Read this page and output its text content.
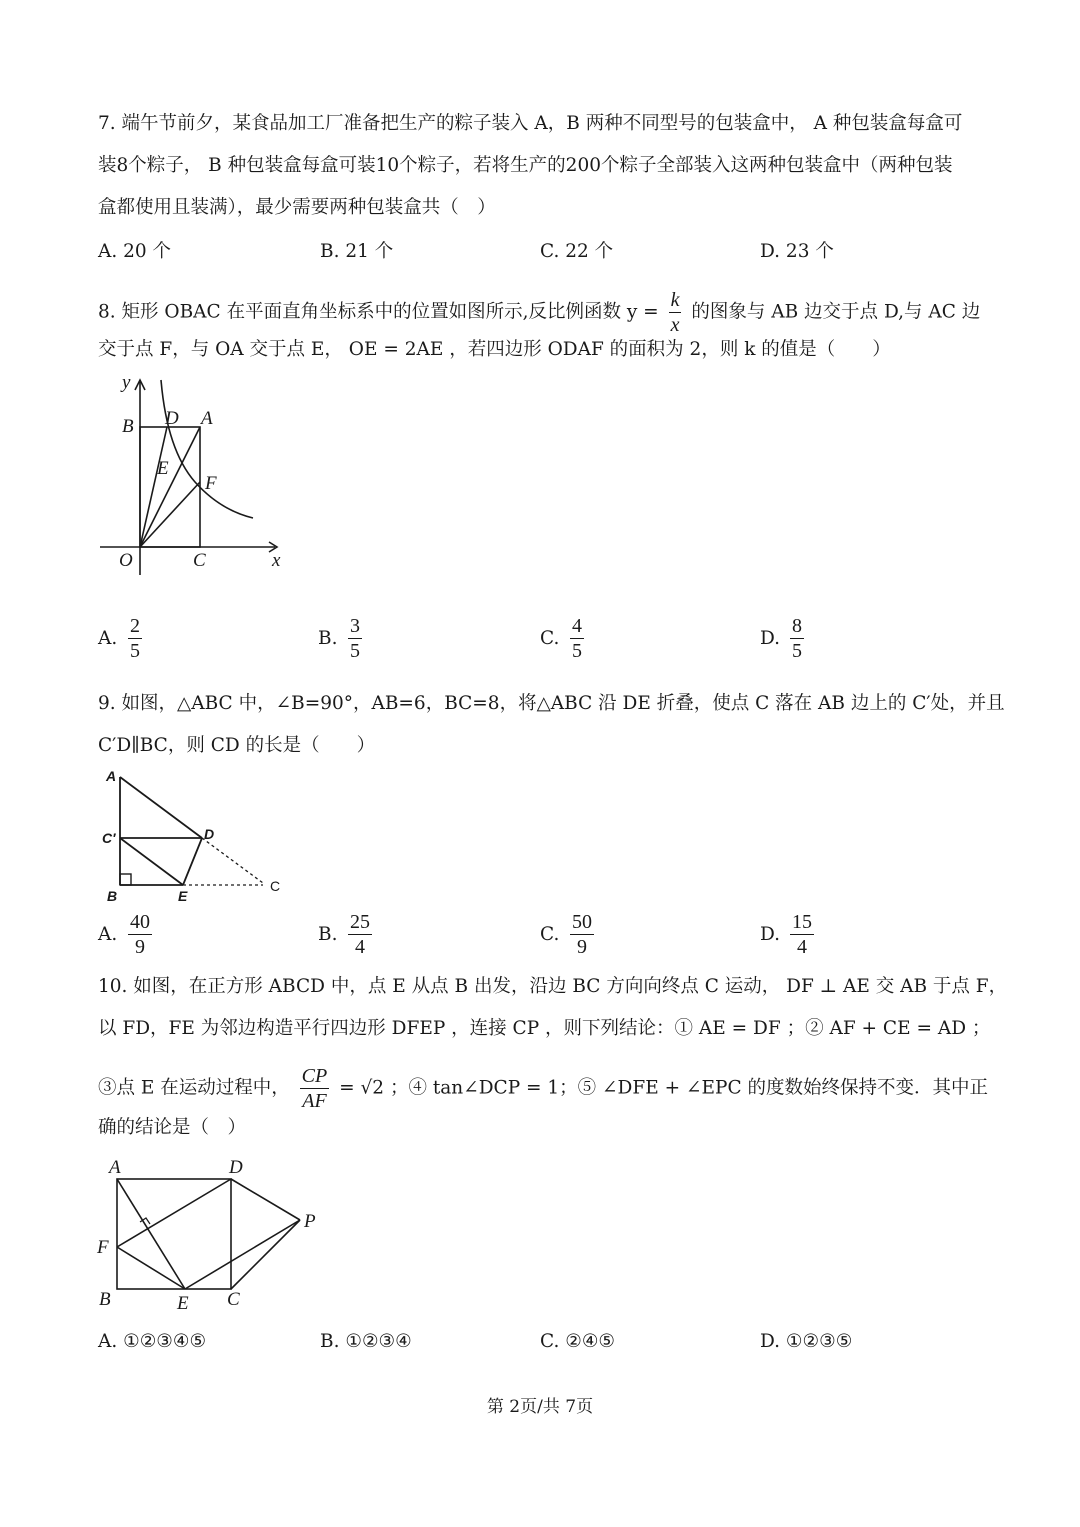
7. 端午节前夕，某食品加工厂准备把生产的粽子装入 A，B 两种不同型号的包装盒中， A 种包装盒每盒可
装8个粽子， B 种包装盒每盒可装10个粽子，若将生产的200个粽子全部装入这两种包装盒中（两种包装
盒都使用且装满），最少需要两种包装盒共（　）
A. 20 个	B. 21 个	C. 22 个	D. 23 个
8. 矩形 OBAC 在平面直角坐标系中的位置如图所示,反比例函数 $y = \frac{k}{x}$ 的图象与 AB 边交于点 D,与 AC 边
交于点 F，与 OA 交于点 E， OE = 2AE ，若四边形 ODAF 的面积为 2，则 k 的值是（　　）
y
x
O
B D A
E
F
C
A. $\frac{2}{5}$	B. $\frac{3}{5}$	C. $\frac{4}{5}$	D. $\frac{8}{5}$
9. 如图，△ABC 中，∠B=90°，AB=6，BC=8，将△ABC 沿 DE 折叠，使点 C 落在 AB 边上的 C′处，并且
C′D∥BC，则 CD 的长是（　　）
A
C′	D
B	E
C
A. $\frac{40}{9}$	B. $\frac{25}{4}$	C. $\frac{50}{9}$	D. $\frac{15}{4}$
10. 如图，在正方形 ABCD 中，点 E 从点 B 出发，沿边 BC 方向向终点 C 运动， DF ⊥ AE 交 AB 于点 F，
以 FD，FE 为邻边构造平行四边形 DFEP ，连接 CP ，则下列结论：① AE = DF ；② AF + CE = AD ；
③点 E 在运动过程中， $\frac{CP}{AF} = √2$ ；④ tan∠DCP = 1；⑤ ∠DFE + ∠EPC 的度数始终保持不变．其中正
确的结论是（　）
A	D
P
F
B	E C
A. ①②③④⑤	B. ①②③④	C. ②④⑤	D. ①②③⑤
第 2页/共 7页
